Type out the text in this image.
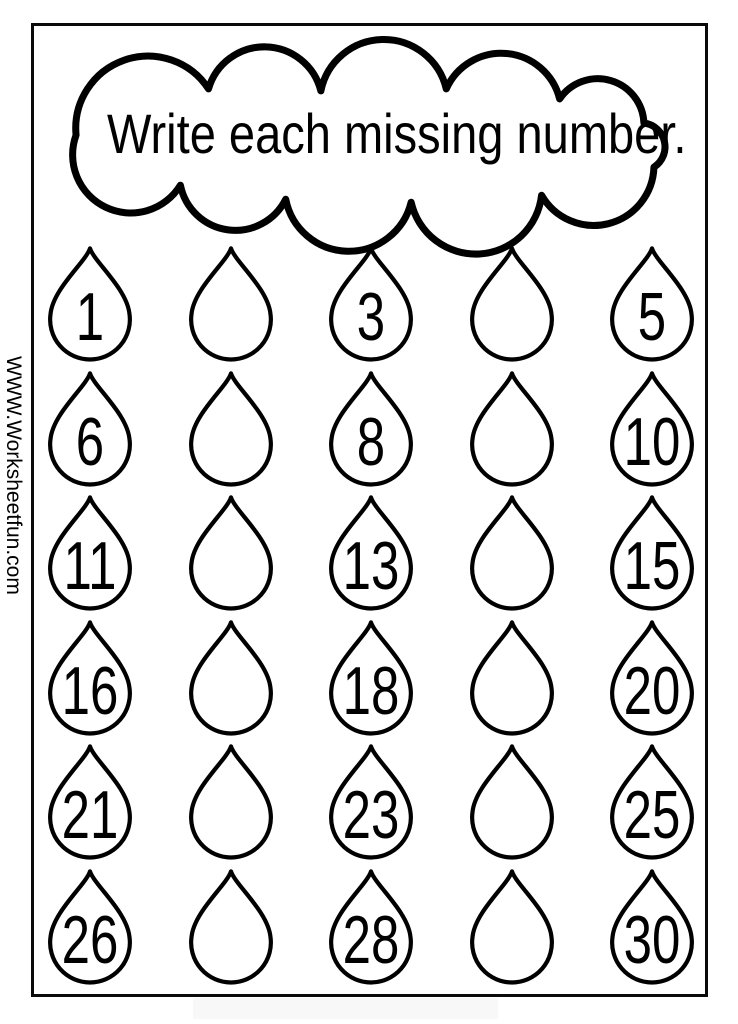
WWW.Worksheetfun.com
Write each missing number.
1	3	5
6	8	10
11	13	15
16	18	20
21	23	25
26	28	30
